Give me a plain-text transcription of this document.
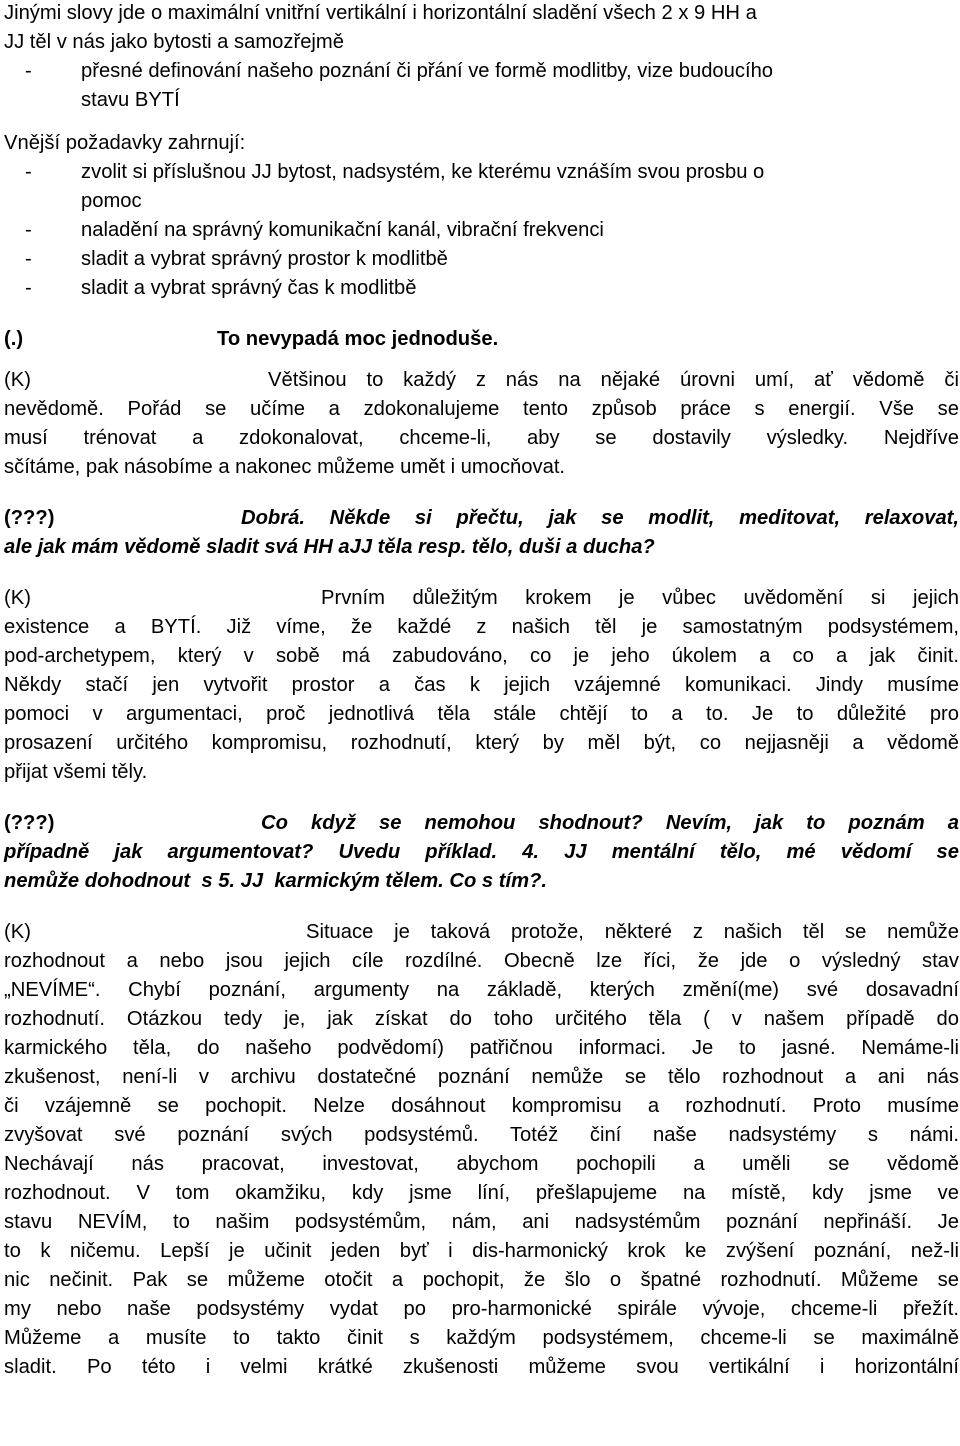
Jinými slovy jde o maximální vnitřní vertikální i horizontální sladění všech 2 x 9 HH a

JJ těl v nás jako bytosti a samozřejmě

-	přesné definování našeho poznání či přání ve formě modlitby, vize budoucího

stavu BYTÍ

Vnější požadavky zahrnují:

-	zvolit si příslušnou JJ bytost, nadsystém, ke kterému vznáším svou prosbu o

pomoc

-	naladění na správný komunikační kanál, vibrační frekvenci
-	sladit a vybrat správný prostor k modlitbě
-	sladit a vybrat správný čas k modlitbě
(.)	To nevypadá moc jednoduše.
(K)	Většinou to každý z nás na nějaké úrovni umí, ať vědomě či

nevědomě. Pořád se učíme a zdokonalujeme tento způsob práce s energií. Vše se

musí trénovat a zdokonalovat, chceme-li, aby se dostavily výsledky. Nejdříve

sčítáme, pak násobíme a nakonec můžeme umět i umocňovat.

(???)	Dobrá. Někde si přečtu, jak se modlit, meditovat, relaxovat,

ale jak mám vědomě sladit svá HH aJJ těla resp. tělo, duši a ducha?

(K)	Prvním důležitým krokem je vůbec uvědomění si jejich

existence a BYTÍ. Již víme, že každé z našich těl je samostatným podsystémem,

pod-archetypem, který v sobě má zabudováno, co je jeho úkolem a co a jak činit.

Někdy stačí jen vytvořit prostor a čas k jejich vzájemné komunikaci. Jindy musíme

pomoci v argumentaci, proč jednotlivá těla stále chtějí to a to. Je to důležité pro

prosazení určitého kompromisu, rozhodnutí, který by měl být, co nejjasněji a vědomě

přijat všemi těly.

(???)	Co když se nemohou shodnout? Nevím, jak to poznám a

případně jak argumentovat? Uvedu příklad. 4. JJ mentální tělo, mé vědomí se

nemůže dohodnout  s 5. JJ  karmickým tělem. Co s tím?.

(K)	Situace je taková protože, některé z našich těl se nemůže

rozhodnout a nebo jsou jejich cíle rozdílné. Obecně lze říci, že jde o výsledný stav

„NEVÍME“. Chybí poznání, argumenty na základě, kterých změní(me) své dosavadní

rozhodnutí. Otázkou tedy je, jak získat do toho určitého těla ( v našem případě do

karmického těla, do našeho podvědomí) patřičnou informaci. Je to jasné. Nemáme-li

zkušenost, není-li v archivu dostatečné poznání nemůže se tělo rozhodnout a ani nás

či vzájemně se pochopit. Nelze dosáhnout kompromisu a rozhodnutí. Proto musíme

zvyšovat své poznání svých podsystémů. Totéž činí naše nadsystémy s námi.

Nechávají nás pracovat, investovat, abychom pochopili a uměli se vědomě

rozhodnout. V tom okamžiku, kdy jsme líní, přešlapujeme na místě, kdy jsme ve

stavu NEVÍM, to našim podsystémům, nám, ani nadsystémům poznání nepřináší. Je

to k ničemu. Lepší je učinit jeden byť i dis-harmonický krok ke zvýšení poznání, než-li

nic nečinit. Pak se můžeme otočit a pochopit, že šlo o špatné rozhodnutí. Můžeme se

my nebo naše podsystémy vydat po pro-harmonické spirále vývoje, chceme-li přežít.

Můžeme a musíte to takto činit s každým podsystémem, chceme-li se maximálně

sladit. Po této i velmi krátké zkušenosti můžeme svou vertikální i horizontální
